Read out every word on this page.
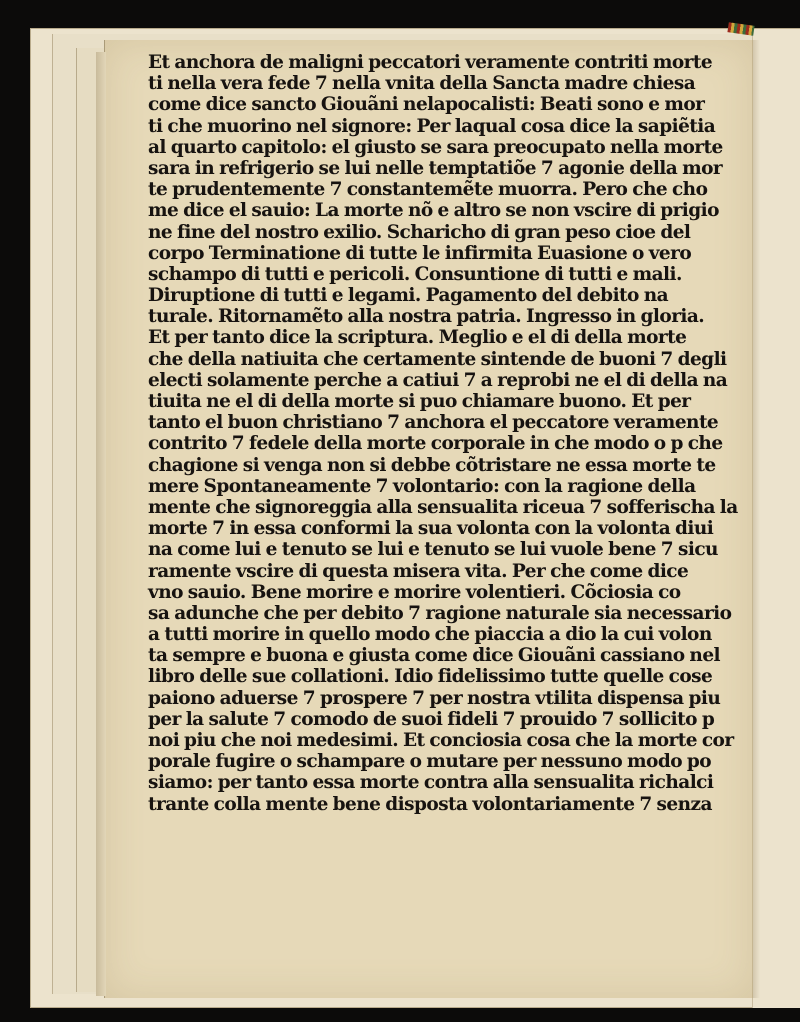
Et anchora de maligni peccatori veramente contriti morte
ti nella vera fede 7 nella vnita della Sancta madre chiesa
come dice sancto Giouãni nelapocalisti: Beati sono e mor
ti che muorino nel signore: Per laqual cosa dice la sapiẽtia
al quarto capitolo: el giusto se sara preocupato nella morte
sara in refrigerio se lui nelle temptatiõe 7 agonie della mor
te prudentemente 7 constantemẽte muorra. Pero che cho
me dice el sauio: La morte nõ e altro se non vscire di prigio
ne fine del nostro exilio. Scharicho di gran peso cioe del
corpo Terminatione di tutte le infirmita Euasione o vero
schampo di tutti e pericoli. Consuntione di tutti e mali.
Diruptione di tutti e legami. Pagamento del debito na
turale. Ritornamẽto alla nostra patria. Ingresso in gloria.
Et per tanto dice la scriptura. Meglio e el di della morte
che della natiuita che certamente sintende de buoni 7 degli
electi solamente perche a catiui 7 a reprobi ne el di della na
tiuita ne el di della morte si puo chiamare buono. Et per
tanto el buon christiano 7 anchora el peccatore veramente
contrito 7 fedele della morte corporale in che modo o p che
chagione si venga non si debbe cõtristare ne essa morte te
mere Spontaneamente 7 volontario: con la ragione della
mente che signoreggia alla sensualita riceua 7 sofferischa la
morte 7 in essa conformi la sua volonta con la volonta diui
na come lui e tenuto se lui e tenuto se lui vuole bene 7 sicu
ramente vscire di questa misera vita. Per che come dice
vno sauio. Bene morire e morire volentieri. Cõciosia co
sa adunche che per debito 7 ragione naturale sia necessario
a tutti morire in quello modo che piaccia a dio la cui volon
ta sempre e buona e giusta come dice Giouãni cassiano nel
libro delle sue collationi. Idio fidelissimo tutte quelle cose
paiono aduerse 7 prospere 7 per nostra vtilita dispensa piu
per la salute 7 comodo de suoi fideli 7 prouido 7 sollicito p
noi piu che noi medesimi. Et conciosia cosa che la morte cor
porale fugire o schampare o mutare per nessuno modo po
siamo: per tanto essa morte contra alla sensualita richalci
trante colla mente bene disposta volontariamente 7 senza
